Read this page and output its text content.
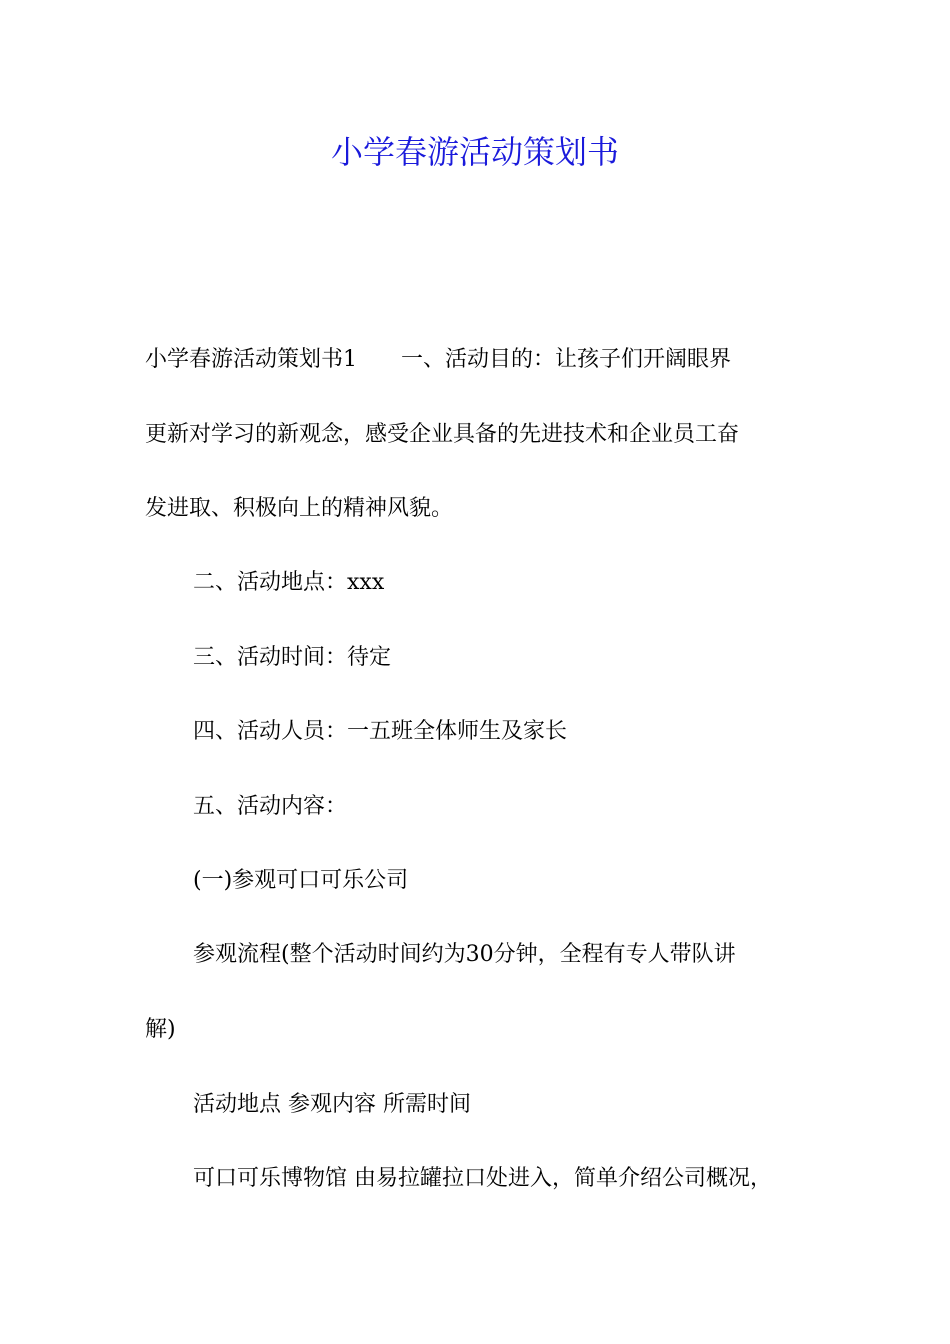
小学春游活动策划书

小学春游活动策划书1 一、活动目的：让孩子们开阔眼界

更新对学习的新观念，感受企业具备的先进技术和企业员工奋

发进取、积极向上的精神风貌。

二、活动地点：xxx

三、活动时间：待定

四、活动人员：一五班全体师生及家长

五、活动内容：

(一)参观可口可乐公司

参观流程(整个活动时间约为30分钟，全程有专人带队讲

解)

活动地点 参观内容 所需时间

可口可乐博物馆 由易拉罐拉口处进入，简单介绍公司概况，
